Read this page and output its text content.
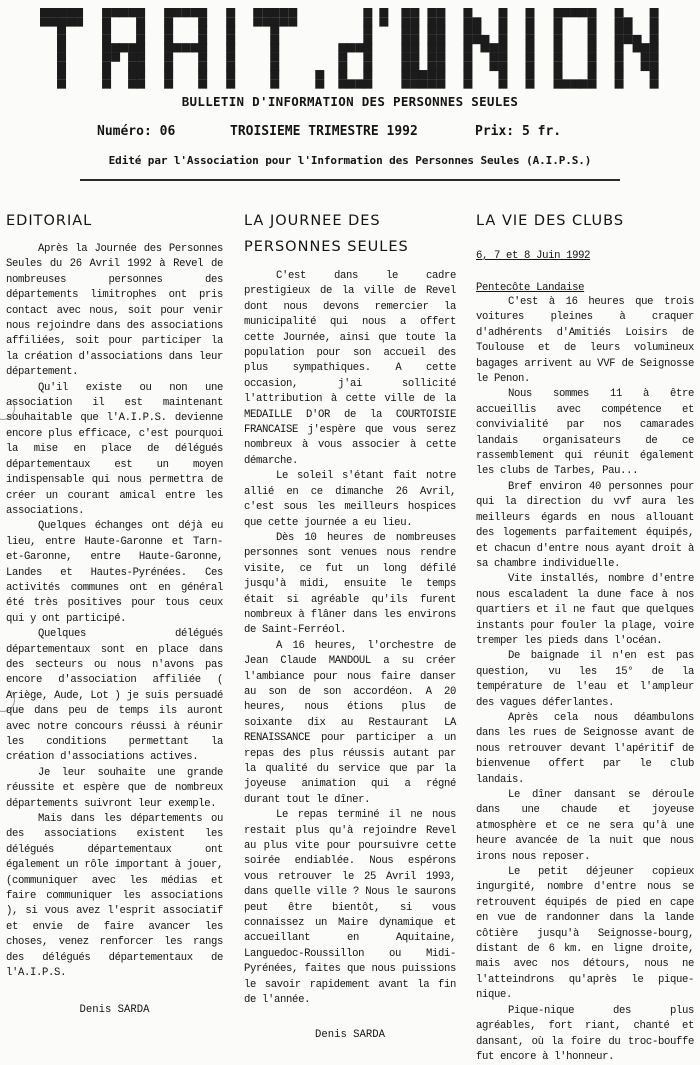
BULLETIN D'INFORMATION DES PERSONNES SEULES
Numéro: 06	TROISIEME TRIMESTRE 1992	Prix: 5 fr.
Edité par l'Association pour l'Information des Personnes Seules (A.I.P.S.)
EDITORIAL

Après la Journée des Personnes Seules du 26 Avril 1992 à Revel de nombreuses personnes des départements limitrophes ont pris contact avec nous, soit pour venir nous rejoindre dans des associations affiliées, soit pour participer la la création d'associations dans leur département.

Qu'il existe ou non une association il est maintenant souhaitable que l'A.I.P.S. devienne encore plus efficace, c'est pourquoi la mise en place de délégués départementaux est un moyen indispensable qui nous permettra de créer un courant amical entre les associations.

Quelques échanges ont déjà eu lieu, entre Haute-Garonne et Tarn-et-Garonne, entre Haute-Garonne, Landes et Hautes-Pyrénées. Ces activités communes ont en général été très positives pour tous ceux qui y ont participé.

Quelques délégués départementaux sont en place dans des secteurs ou nous n'avons pas encore d'association affiliée ( Ariège, Aude, Lot ) je suis persuadé que dans peu de temps ils auront avec notre concours réussi à réunir les conditions permettant la création d'associations actives.

Je leur souhaite une grande réussite et espère que de nombreux départements suivront leur exemple.

Mais dans les départements ou des associations existent les délégués départementaux ont également un rôle important à jouer, (communiquer avec les médias et faire communiquer les associations ), si vous avez l'esprit associatif et envie de faire avancer les choses, venez renforcer les rangs des délégués départementaux de l'A.I.P.S.

Denis SARDA
LA JOURNEE DES
PERSONNES SEULES

C'est dans le cadre prestigieux de la ville de Revel dont nous devons remercier la municipalité qui nous a offert cette Journée, ainsi que toute la population pour son accueil des plus sympathiques. A cette occasion, j'ai sollicité l'attribution à cette ville de la MEDAILLE D'OR de la COURTOISIE FRANCAISE j'espère que vous serez nombreux à vous associer à cette démarche.

Le soleil s'étant fait notre allié en ce dimanche 26 Avril, c'est sous les meilleurs hospices que cette journée a eu lieu.

Dès 10 heures de nombreuses personnes sont venues nous rendre visite, ce fut un long défilé jusqu'à midi, ensuite le temps était si agréable qu'ils furent nombreux à flâner dans les environs de Saint-Ferréol.

A 16 heures, l'orchestre de Jean Claude MANDOUL a su créer l'ambiance pour nous faire danser au son de son accordéon. A 20 heures, nous étions plus de soixante dix au Restaurant LA RENAISSANCE pour participer a un repas des plus réussis autant par la qualité du service que par la joyeuse animation qui a régné durant tout le dîner.

Le repas terminé il ne nous restait plus qu'à rejoindre Revel au plus vite pour poursuivre cette soirée endiablée. Nous espérons vous retrouver le 25 Avril 1993, dans quelle ville ? Nous le saurons peut être bientôt, si vous connaissez un Maire dynamique et accueillant en Aquitaine, Languedoc-Roussillon ou Midi-Pyrénées, faites que nous puissions le savoir rapidement avant la fin de l'année.

Denis SARDA
LA VIE DES CLUBS
6, 7 et 8 Juin 1992
Pentecôte Landaise

C'est à 16 heures que trois voitures pleines à craquer d'adhérents d'Amitiés Loisirs de Toulouse et de leurs volumineux bagages arrivent au VVF de Seignosse le Penon.

Nous sommes 11 à être accueillis avec compétence et convivialité par nos camarades landais organisateurs de ce rassemblement qui réunit également les clubs de Tarbes, Pau...

Bref environ 40 personnes pour qui la direction du vvf aura les meilleurs égards en nous allouant des logements parfaitement équipés, et chacun d'entre nous ayant droit à sa chambre individuelle.

Vite installés, nombre d'entre nous escaladent la dune face à nos quartiers et il ne faut que quelques instants pour fouler la plage, voire tremper les pieds dans l'océan.

De baignade il n'en est pas question, vu les 15° de la température de l'eau et l'ampleur des vagues déferlantes.

Après cela nous déambulons dans les rues de Seignosse avant de nous retrouver devant l'apéritif de bienvenue offert par le club landais.

Le dîner dansant se déroule dans une chaude et joyeuse atmosphère et ce ne sera qu'à une heure avancée de la nuit que nous irons nous reposer.

Le petit déjeuner copieux ingurgité, nombre d'entre nous se retrouvent équipés de pied en cape en vue de randonner dans la lande côtière jusqu'à Seignosse-bourg, distant de 6 km. en ligne droite, mais avec nos détours, nous ne l'atteindrons qu'après le pique-nique.

Pique-nique des plus agréables, fort riant, chanté et dansant, où la foire du troc-bouffe fut encore à l'honneur.
